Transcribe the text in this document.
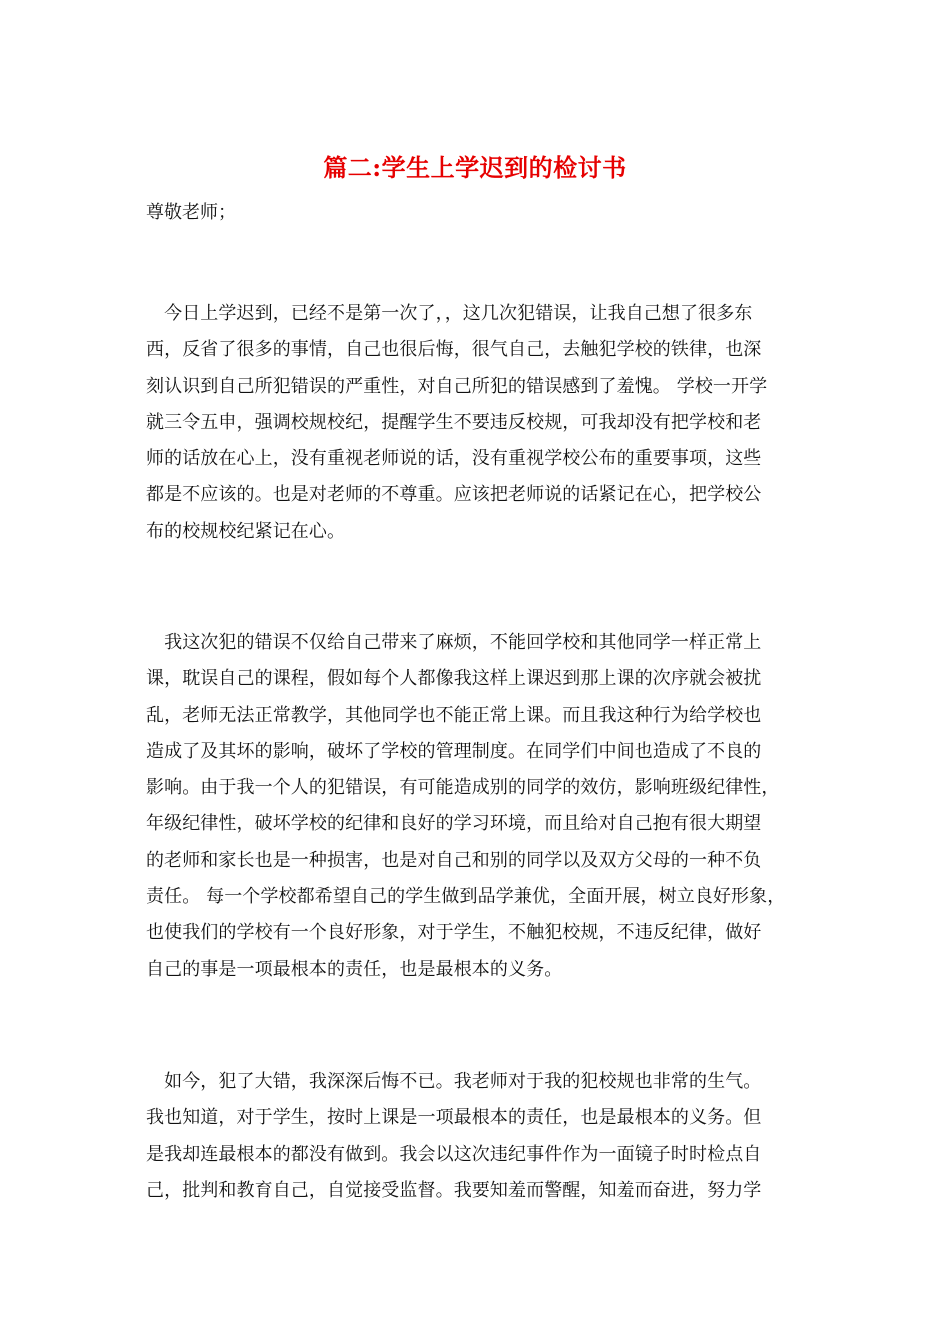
篇二:学生上学迟到的检讨书
尊敬老师；
　今日上学迟到，已经不是第一次了，，这几次犯错误，让我自己想了很多东
西，反省了很多的事情，自己也很后悔，很气自己，去触犯学校的铁律，也深
刻认识到自己所犯错误的严重性，对自己所犯的错误感到了羞愧。 学校一开学
就三令五申，强调校规校纪，提醒学生不要违反校规，可我却没有把学校和老
师的话放在心上，没有重视老师说的话，没有重视学校公布的重要事项，这些
都是不应该的。也是对老师的不尊重。应该把老师说的话紧记在心，把学校公
布的校规校纪紧记在心。
　我这次犯的错误不仅给自己带来了麻烦，不能回学校和其他同学一样正常上
课，耽误自己的课程，假如每个人都像我这样上课迟到那上课的次序就会被扰
乱，老师无法正常教学，其他同学也不能正常上课。而且我这种行为给学校也
造成了及其坏的影响，破坏了学校的管理制度。在同学们中间也造成了不良的
影响。由于我一个人的犯错误，有可能造成别的同学的效仿，影响班级纪律性，
年级纪律性，破坏学校的纪律和良好的学习环境，而且给对自己抱有很大期望
的老师和家长也是一种损害，也是对自己和别的同学以及双方父母的一种不负
责任。 每一个学校都希望自己的学生做到品学兼优，全面开展，树立良好形象，
也使我们的学校有一个良好形象，对于学生，不触犯校规，不违反纪律，做好
自己的事是一项最根本的责任，也是最根本的义务。
　如今，犯了大错，我深深后悔不已。我老师对于我的犯校规也非常的生气。
我也知道，对于学生，按时上课是一项最根本的责任，也是最根本的义务。但
是我却连最根本的都没有做到。我会以这次违纪事件作为一面镜子时时检点自
己，批判和教育自己，自觉接受监督。我要知羞而警醒，知羞而奋进，努力学
